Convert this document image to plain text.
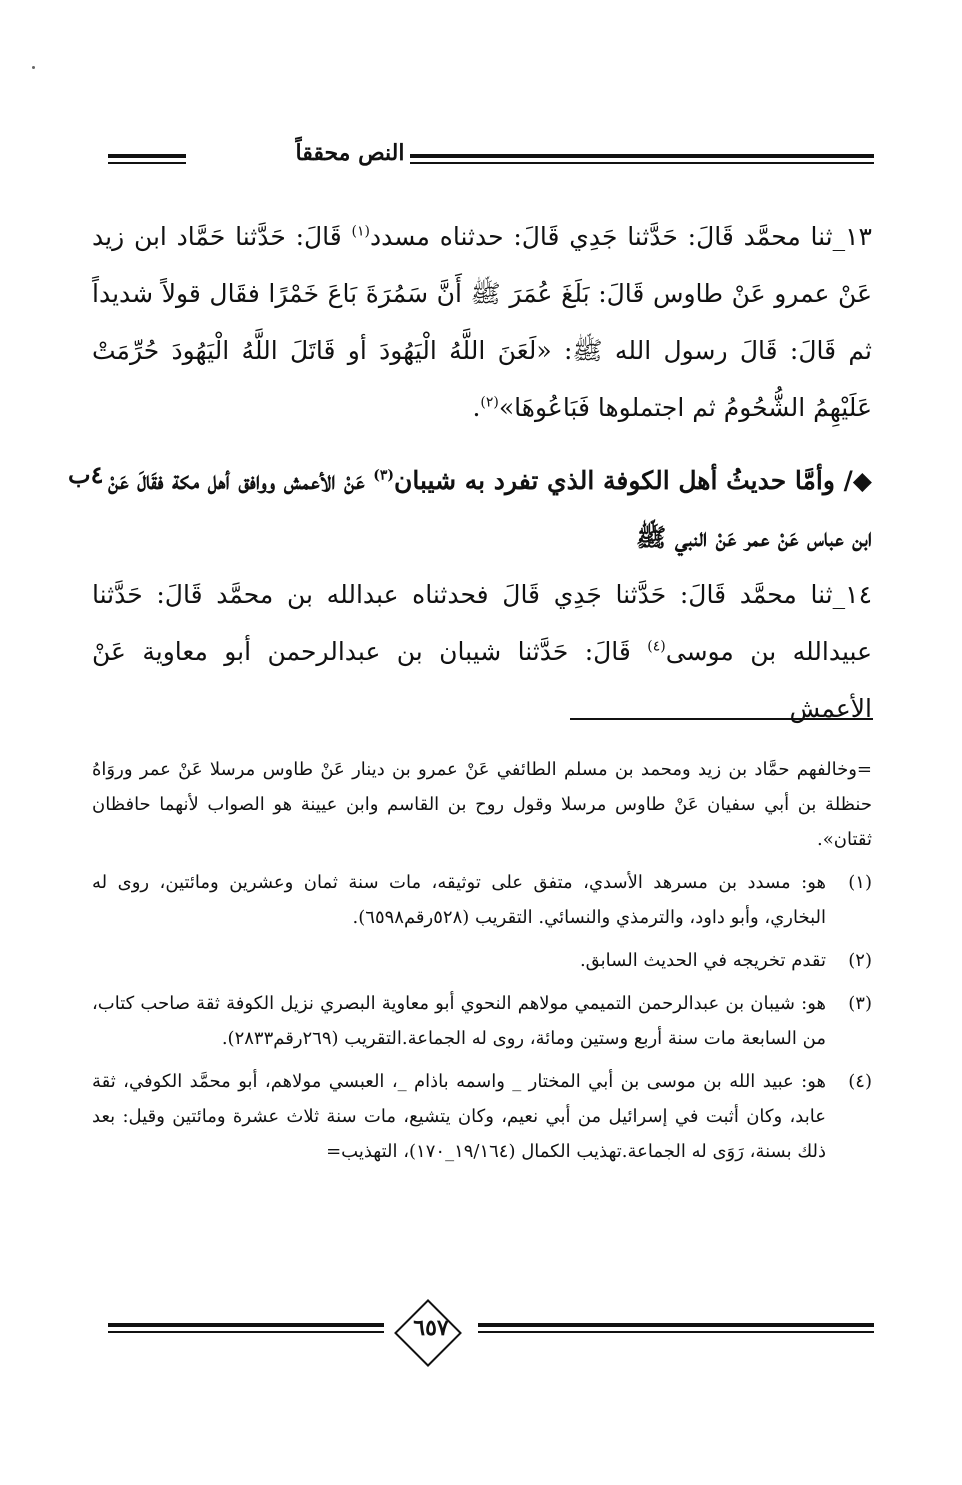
النص محققاً
١٣_ثنا محمَّد قَالَ: حَدَّثنا جَدِي قَالَ: حدثناه مسدد$^{(١)}$ قَالَ: حَدَّثنا حَمَّاد ابن زيد عَنْ عمرو عَنْ طاوس قَالَ: بَلَغَ عُمَرَ ﷺ أَنَّ سَمُرَةَ بَاعَ خَمْرًا فقَال قولاً شديداً ثم قَالَ: قَالَ رسول الله ﷺ: «لَعَنَ اللَّهُ الْيَهُودَ أو قَاتَلَ اللَّهُ الْيَهُودَ حُرِّمَتْ عَلَيْهِمُ الشُّحُومُ ثم اجتملوها فَبَاعُوهَا»$^{(٢)}$.
◆/ وأمَّا حديثُ أهل الكوفة الذي تفرد به شيبان$^{(٣)}$ عَنْ الأعمش ووافق أهل مكة فقَالَ عَنْ ابن عباس عَنْ عمر عَنْ النبي ﷺ
٤ب
١٤_ثنا محمَّد قَالَ: حَدَّثنا جَدِي قَالَ فحدثناه عبدالله بن محمَّد قَالَ: حَدَّثنا عبيدالله بن موسى$^{(٤)}$ قَالَ: حَدَّثنا شيبان بن عبدالرحمن أبو معاوية عَنْ الأعمش
=وخالفهم حمَّاد بن زيد ومحمد بن مسلم الطائفي عَنْ عمرو بن دينار عَنْ طاوس مرسلا عَنْ عمر وروَاهُ حنظلة بن أبي سفيان عَنْ طاوس مرسلا وقول روح بن القاسم وابن عيينة هو الصواب لأنهما حافظان ثقتان».
(١)
هو: مسدد بن مسرهد الأسدي، متفق على توثيقه، مات سنة ثمان وعشرين ومائتين، روى له البخاري، وأبو داود، والترمذي والنسائي. التقريب (٥٢٨رقم٦٥٩٨).
(٢)
تقدم تخريجه في الحديث السابق.
(٣)
هو: شيبان بن عبدالرحمن التميمي مولاهم النحوي أبو معاوية البصري نزيل الكوفة ثقة صاحب كتاب، من السابعة مات سنة أربع وستين ومائة، روى له الجماعة.التقريب (٢٦٩رقم٢٨٣٣).
(٤)
هو: عبيد الله بن موسى بن أبي المختار _ واسمه باذام _، العبسي مولاهم، أبو محمَّد الكوفي، ثقة عابد، وكان أثبت في إسرائيل من أبي نعيم، وكان يتشيع، مات سنة ثلاث عشرة ومائتين وقيل: بعد ذلك بسنة، رَوَى له الجماعة.تهذيب الكمال (١٩/١٦٤_١٧٠)، التهذيب=
٦٥٧
